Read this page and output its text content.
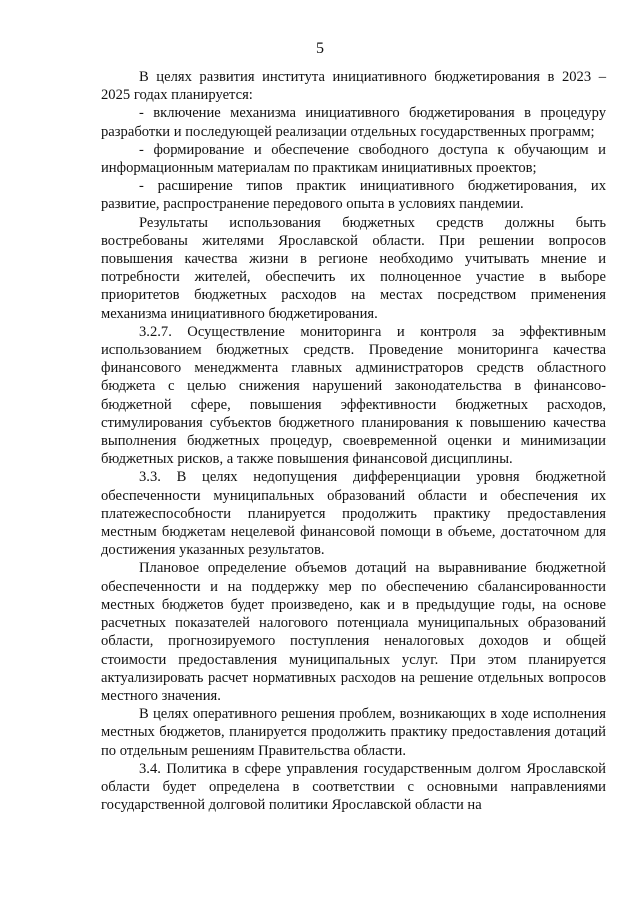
5

В целях развития института инициативного бюджетирования в 2023 – 2025 годах планируется:

- включение механизма инициативного бюджетирования в процедуру разработки и последующей реализации отдельных государственных программ;

- формирование и обеспечение свободного доступа к обучающим и информационным материалам по практикам инициативных проектов;

- расширение типов практик инициативного бюджетирования, их развитие, распространение передового опыта в условиях пандемии.

Результаты использования бюджетных средств должны быть востребованы жителями Ярославской области. При решении вопросов повышения качества жизни в регионе необходимо учитывать мнение и потребности жителей, обеспечить их полноценное участие в выборе приоритетов бюджетных расходов на местах посредством применения механизма инициативного бюджетирования.

3.2.7. Осуществление мониторинга и контроля за эффективным использованием бюджетных средств. Проведение мониторинга качества финансового менеджмента главных администраторов средств областного бюджета с целью снижения нарушений законодательства в финансово-бюджетной сфере, повышения эффективности бюджетных расходов, стимулирования субъектов бюджетного планирования к повышению качества выполнения бюджетных процедур, своевременной оценки и минимизации бюджетных рисков, а также повышения финансовой дисциплины.

3.3. В целях недопущения дифференциации уровня бюджетной обеспеченности муниципальных образований области и обеспечения их платежеспособности планируется продолжить практику предоставления местным бюджетам нецелевой финансовой помощи в объеме, достаточном для достижения указанных результатов.

Плановое определение объемов дотаций на выравнивание бюджетной обеспеченности и на поддержку мер по обеспечению сбалансированности местных бюджетов будет произведено, как и в предыдущие годы, на основе расчетных показателей налогового потенциала муниципальных образований области, прогнозируемого поступления неналоговых доходов и общей стоимости предоставления муниципальных услуг. При этом планируется актуализировать расчет нормативных расходов на решение отдельных вопросов местного значения.

В целях оперативного решения проблем, возникающих в ходе исполнения местных бюджетов, планируется продолжить практику предоставления дотаций по отдельным решениям Правительства области.

3.4. Политика в сфере управления государственным долгом Ярославской области будет определена в соответствии с основными направлениями государственной долговой политики Ярославской области на
